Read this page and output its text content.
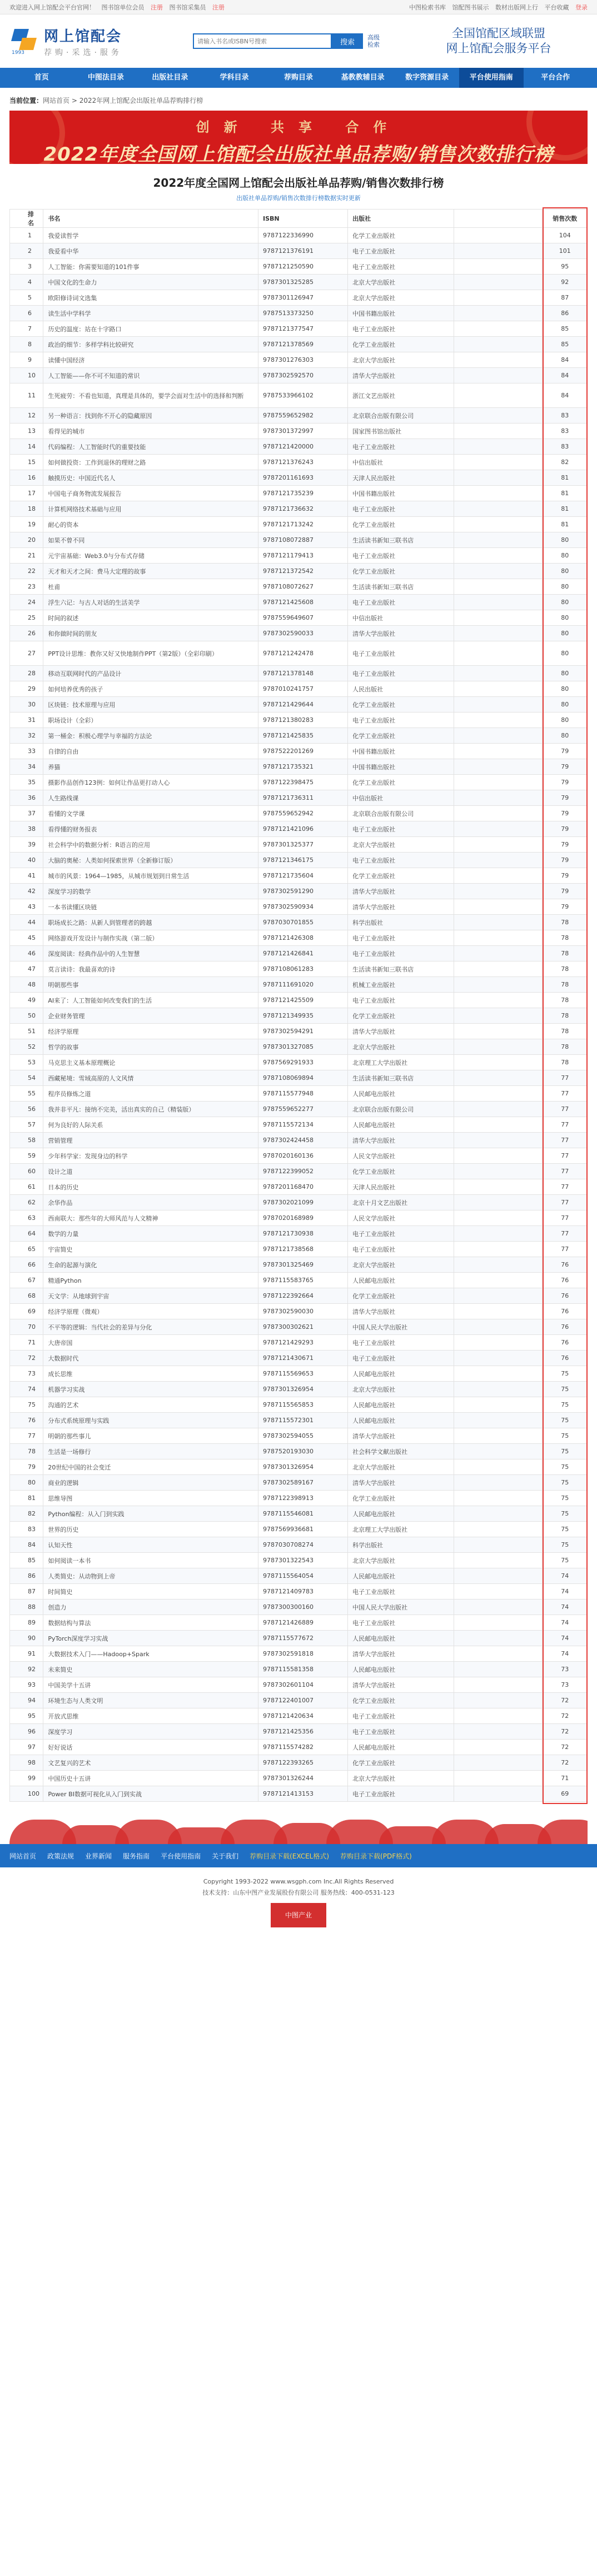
欢迎进入网上馆配会平台官网！ 图书馆单位会员 注册 图书馆采集员 注册	中图检索书库 馆配图书展示 数材出版网上行 平台收藏 登录
1993
网上馆配会
荐购·采选·服务
请输入书名或ISBN号搜索
搜索
高级检索
全国馆配区域联盟
网上馆配会服务平台
首页	中图法目录	出版社目录	学科目录	荐购目录	基教教辅目录	数字资源目录	平台使用指南	平台合作
当前位置：网站首页 > 2022年网上馆配会出版社单品荐购排行榜
创新 共享 合作
2022年度全国网上馆配会出版社单品荐购/销售次数排行榜
2022年度全国网上馆配会出版社单品荐购/销售次数排行榜
出版社单品荐购/销售次数排行榜数据实时更新
排名	书名	ISBN	出版社		销售次数
1	我爱读哲学	9787122336990	化学工业出版社		104
2	我爱看中华	9787121376191	电子工业出版社		101
3	人工智能：你需要知道的101件事	9787121250590	电子工业出版社		95
4	中国文化的生命力	9787301325285	北京大学出版社		92
5	欧阳修诗词文选集	9787301126947	北京大学出版社		87
6	读生活中学科学	9787513373250	中国书籍出版社		86
7	历史的温度：站在十字路口	9787121377547	电子工业出版社		85
8	政治的细节：多样学科比较研究	9787121378569	化学工业出版社		85
9	读懂中国经济	9787301276303	北京大学出版社		84
10	人工智能——你不可不知道的常识	9787302592570	清华大学出版社		84
11	生死疲劳：不看也知道，真理是具体的，要学会面对生活中的选择和判断	9787533966102	浙江文艺出版社		84
12	另一种语言：找到你不开心的隐藏原因	9787559652982	北京联合出版有限公司		83
13	看得见的城市	9787301372997	国家图书馆出版社		83
14	代码编程：人工智能时代的重要技能	9787121420000	电子工业出版社		83
15	如何做投资：工作到退休的理财之路	9787121376243	中信出版社		82
16	触摸历史：中国近代名人	9787201161693	天津人民出版社		81
17	中国电子商务物流发展报告	9787121735239	中国书籍出版社		81
18	计算机网络技术基础与应用	9787121736632	电子工业出版社		81
19	耐心的资本	9787121713242	化学工业出版社		81
20	如果不曾不同	9787108072887	生活读书新知三联书店		80
21	元宇宙基础：Web3.0与分布式存储	9787121179413	电子工业出版社		80
22	天才和天才之间：费马大定理的故事	9787121372542	化学工业出版社		80
23	杜甫	9787108072627	生活读书新知三联书店		80
24	浮生六记：与古人对话的生活美学	9787121425608	电子工业出版社		80
25	时间的叙述	9787559649607	中信出版社		80
26	和你做时间的朋友	9787302590033	清华大学出版社		80
27	PPT设计思维：教你又好又快地制作PPT（第2版）（全彩印刷）	9787121242478	电子工业出版社		80
28	移动互联网时代的产品设计	9787121378148	电子工业出版社		80
29	如何培养优秀的孩子	9787010241757	人民出版社		80
30	区块链：技术原理与应用	9787121429644	化学工业出版社		80
31	职场设计（全彩）	9787121380283	电子工业出版社		80
32	第一桶金：积极心理学与幸福的方法论	9787121425835	化学工业出版社		80
33	自律的自由	9787522201269	中国书籍出版社		79
34	养猫	9787121735321	中国书籍出版社		79
35	摄影作品创作123例：如何让作品更打动人心	9787122398475	化学工业出版社		79
36	人生路线课	9787121736311	中信出版社		79
37	看懂的文学课	9787559652942	北京联合出版有限公司		79
38	看得懂的财务报表	9787121421096	电子工业出版社		79
39	社会科学中的数据分析：R语言的应用	9787301325377	北京大学出版社		79
40	大脑的奥秘：人类如何探索世界（全新修订版）	9787121346175	电子工业出版社		79
41	城市的风景：1964—1985，从城市规划到日常生活	9787121735604	化学工业出版社		79
42	深度学习的数学	9787302591290	清华大学出版社		79
43	一本书读懂区块链	9787302590934	清华大学出版社		79
44	职场成长之路：从新人到管理者的跨越	9787030701855	科学出版社		78
45	网络游戏开发设计与制作实战（第二版）	9787121426308	电子工业出版社		78
46	深度阅读：经典作品中的人生智慧	9787121426841	电子工业出版社		78
47	莫言读诗：我最喜欢的诗	9787108061283	生活读书新知三联书店		78
48	明朝那些事	9787111691020	机械工业出版社		78
49	AI来了：人工智能如何改变我们的生活	9787121425509	电子工业出版社		78
50	企业财务管理	9787121349935	化学工业出版社		78
51	经济学原理	9787302594291	清华大学出版社		78
52	哲学的故事	9787301327085	北京大学出版社		78
53	马克思主义基本原理概论	9787569291933	北京理工大学出版社		78
54	西藏秘境：雪域高原的人文风情	9787108069894	生活读书新知三联书店		77
55	程序员修炼之道	9787115577948	人民邮电出版社		77
56	我并非平凡：接纳不完美，活出真实的自己（精装版）	9787559652277	北京联合出版有限公司		77
57	何为良好的人际关系	9787115572134	人民邮电出版社		77
58	营销管理	9787302424458	清华大学出版社		77
59	少年科学家：发现身边的科学	9787020160136	人民文学出版社		77
60	设计之道	9787122399052	化学工业出版社		77
61	日本的历史	9787201168470	天津人民出版社		77
62	余华作品	9787302021099	北京十月文艺出版社		77
63	西南联大：那些年的大师风范与人文精神	9787020168989	人民文学出版社		77
64	数学的力量	9787121730938	电子工业出版社		77
65	宇宙简史	9787121738568	电子工业出版社		77
66	生命的起源与演化	9787301325469	北京大学出版社		76
67	精通Python	9787115583765	人民邮电出版社		76
68	天文学：从地球到宇宙	9787122392664	化学工业出版社		76
69	经济学原理（微观）	9787302590030	清华大学出版社		76
70	不平等的逻辑：当代社会的差异与分化	9787300302621	中国人民大学出版社		76
71	大唐帝国	9787121429293	电子工业出版社		76
72	大数据时代	9787121430671	电子工业出版社		76
73	成长思维	9787115569653	人民邮电出版社		75
74	机器学习实战	9787301326954	北京大学出版社		75
75	沟通的艺术	9787115565853	人民邮电出版社		75
76	分布式系统原理与实践	9787115572301	人民邮电出版社		75
77	明朝的那些事儿	9787302594055	清华大学出版社		75
78	生活是一场修行	9787520193030	社会科学文献出版社		75
79	20世纪中国的社会变迁	9787301326954	北京大学出版社		75
80	商业的逻辑	9787302589167	清华大学出版社		75
81	思维导图	9787122398913	化学工业出版社		75
82	Python编程：从入门到实践	9787115546081	人民邮电出版社		75
83	世界的历史	9787569936681	北京理工大学出版社		75
84	认知天性	9787030708274	科学出版社		75
85	如何阅读一本书	9787301322543	北京大学出版社		75
86	人类简史：从动物到上帝	9787115564054	人民邮电出版社		74
87	时间简史	9787121409783	电子工业出版社		74
88	创造力	9787300300160	中国人民大学出版社		74
89	数据结构与算法	9787121426889	电子工业出版社		74
90	PyTorch深度学习实战	9787115577672	人民邮电出版社		74
91	大数据技术入门——Hadoop+Spark	9787302591818	清华大学出版社		74
92	未来简史	9787115581358	人民邮电出版社		73
93	中国美学十五讲	9787302601104	清华大学出版社		73
94	环境生态与人类文明	9787122401007	化学工业出版社		72
95	开放式思维	9787121420634	电子工业出版社		72
96	深度学习	9787121425356	电子工业出版社		72
97	好好说话	9787115574282	人民邮电出版社		72
98	文艺复兴的艺术	9787122393265	化学工业出版社		72
99	中国历史十五讲	9787301326244	北京大学出版社		71
100	Power BI数据可视化从入门到实战	9787121413153	电子工业出版社		69
网站首页 政策法规 业界新闻 服务指南 平台使用指南 关于我们 荐购目录下载(EXCEL格式) 荐购目录下载(PDF格式)
Copyright 1993-2022 www.wsgph.com Inc.All Rights Reserved
技术支持：山东中图产业发展股份有限公司 服务热线：400-0531-123
中图产业
